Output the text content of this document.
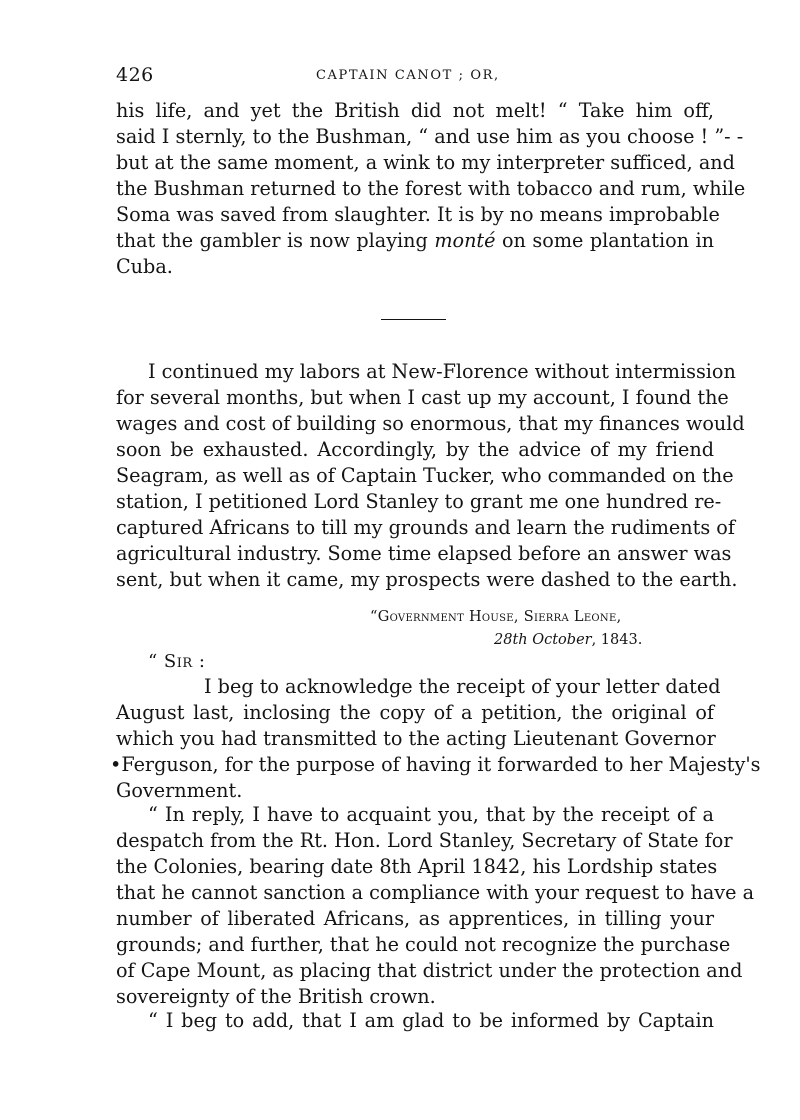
426	CAPTAIN CANOT ; OR,
his life, and yet the British did not melt! “ Take him off,
said I sternly, to the Bushman, “ and use him as you choose ! ”- -
but at the same moment, a wink to my interpreter sufficed, and
the Bushman returned to the forest with tobacco and rum, while
Soma was saved from slaughter. It is by no means improbable
that the gambler is now playing monté on some plantation in
Cuba.
I continued my labors at New-Florence without intermission
for several months, but when I cast up my account, I found the
wages and cost of building so enormous, that my finances would
soon be exhausted. Accordingly, by the advice of my friend
Seagram, as well as of Captain Tucker, who commanded on the
station, I petitioned Lord Stanley to grant me one hundred re-
captured Africans to till my grounds and learn the rudiments of
agricultural industry. Some time elapsed before an answer was
sent, but when it came, my prospects were dashed to the earth.
“Government House, Sierra Leone,
28th October, 1843.
“ Sir :
I beg to acknowledge the receipt of your letter dated
August last, inclosing the copy of a petition, the original of
which you had transmitted to the acting Lieutenant Governor
•Ferguson, for the purpose of having it forwarded to her Majesty's
Government.
“ In reply, I have to acquaint you, that by the receipt of a
despatch from the Rt. Hon. Lord Stanley, Secretary of State for
the Colonies, bearing date 8th April 1842, his Lordship states
that he cannot sanction a compliance with your request to have a
number of liberated Africans, as apprentices, in tilling your
grounds; and further, that he could not recognize the purchase
of Cape Mount, as placing that district under the protection and
sovereignty of the British crown.
“ I beg to add, that I am glad to be informed by Captain
